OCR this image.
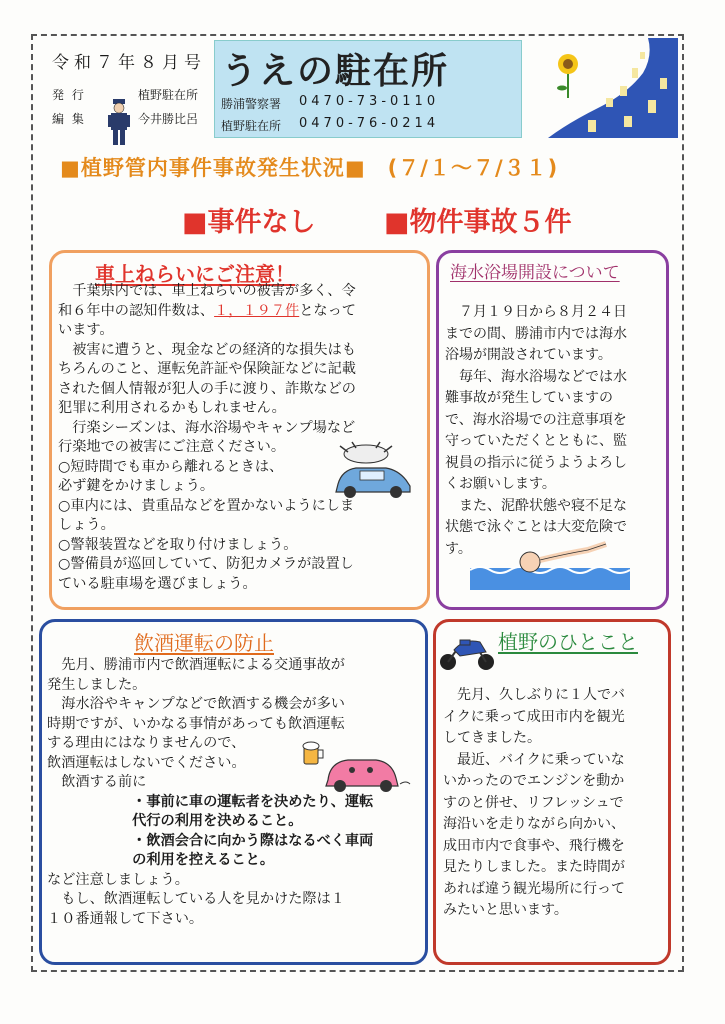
令和７年８月号
発 行	植野駐在所
編 集	今井勝比呂
うえの駐在所
勝浦警察署 0470-73-0110
植野駐在所 0470-76-0214
■植野管内事件事故発生状況■　(７/１〜７/３１)
■事件なし	■物件事故５件
車上ねらいにご注意！
　千葉県内では、車上ねらいの被害が多く、令
和６年中の認知件数は、１，１９７件となって
います。
　被害に遭うと、現金などの経済的な損失はも
ちろんのこと、運転免許証や保険証などに記載
された個人情報が犯人の手に渡り、詐欺などの
犯罪に利用されるかもしれません。
　行楽シーズンは、海水浴場やキャンプ場など
行楽地での被害にご注意ください。
○短時間でも車から離れるときは、
必ず鍵をかけましょう。
○車内には、貴重品などを置かないようにしま
しょう。
○警報装置などを取り付けましょう。
○警備員が巡回していて、防犯カメラが設置し
ている駐車場を選びましょう。
海水浴場開設について
　７月１９日から８月２４日
までの間、勝浦市内では海水
浴場が開設されています。
　毎年、海水浴場などでは水
難事故が発生していますの
で、海水浴場での注意事項を
守っていただくとともに、監
視員の指示に従うようよろし
くお願いします。
　また、泥酔状態や寝不足な
状態で泳ぐことは大変危険で
す。
飲酒運転の防止
　先月、勝浦市内で飲酒運転による交通事故が
発生しました。
　海水浴やキャンプなどで飲酒する機会が多い
時期ですが、いかなる事情があっても飲酒運転
する理由にはなりませんので、
飲酒運転はしないでください。
　飲酒する前に
　　　　　　・事前に車の運転者を決めたり、運転
　　　　　　代行の利用を決めること。
　　　　　　・飲酒会合に向かう際はなるべく車両
　　　　　　の利用を控えること。
など注意しましょう。
　もし、飲酒運転している人を見かけた際は１
１０番通報して下さい。
植野のひとこと
　先月、久しぶりに１人でバ
イクに乗って成田市内を観光
してきました。
　最近、バイクに乗っていな
いかったのでエンジンを動か
すのと併せ、リフレッシュで
海沿いを走りながら向かい、
成田市内で食事や、飛行機を
見たりしました。また時間が
あれば違う観光場所に行って
みたいと思います。
